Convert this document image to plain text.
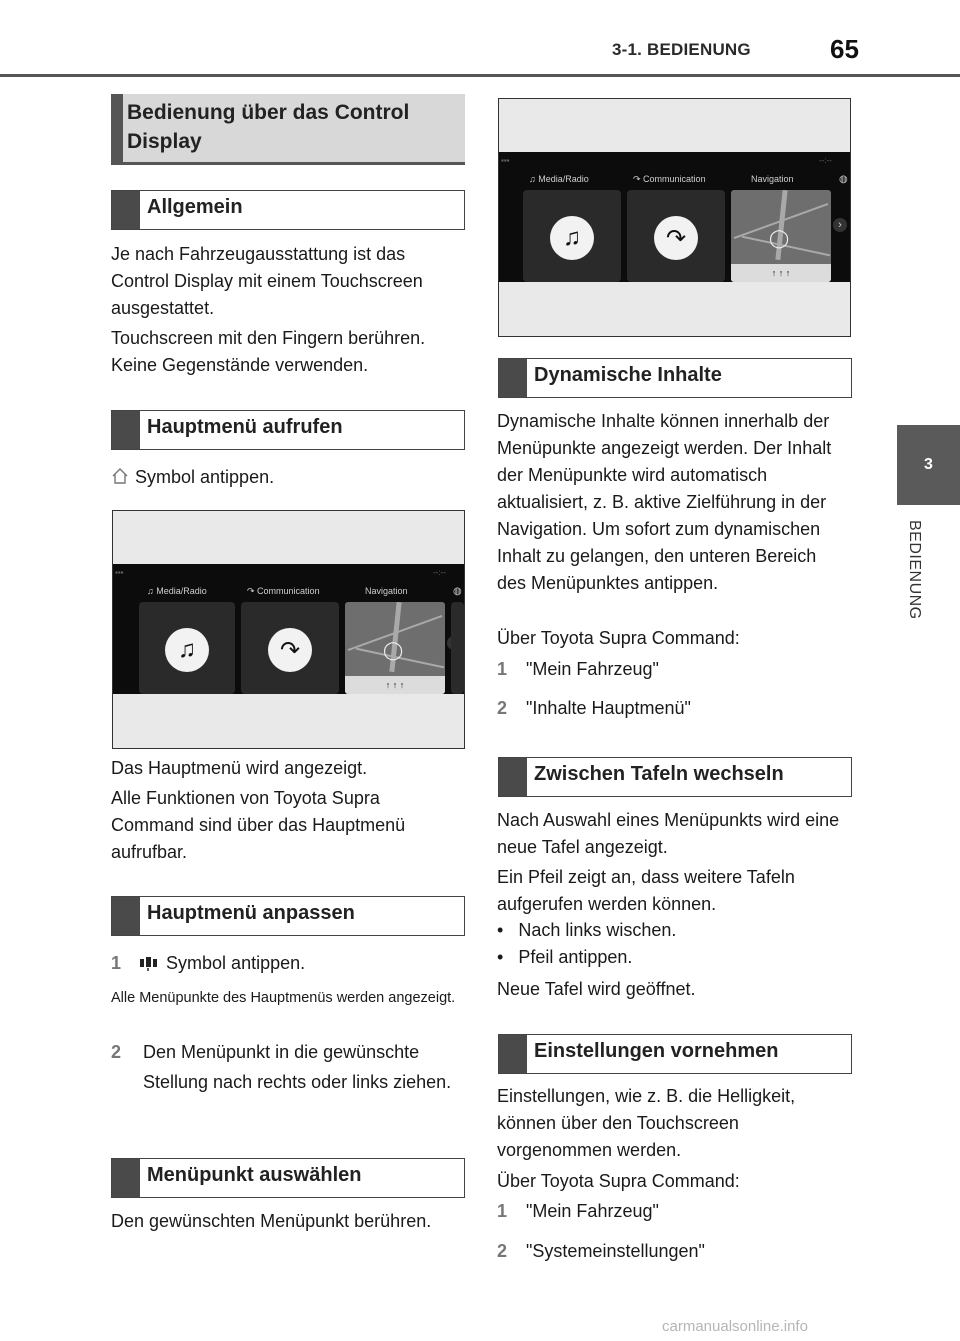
3-1. BEDIENUNG	65
3
BEDIENUNG
Bedienung über das Control Display
Allgemein
Je nach Fahrzeugausstattung ist das Control Display mit einem Touchscreen ausgestattet.
Touchscreen mit den Fingern berühren. Keine Gegenstände verwenden.
Hauptmenü aufrufen
Symbol antippen.
▪▪▪	--:--
♫ Media/Radio	↷ Communication	Navigation	◍
♫	↷	◯
↑ ↑ ↑
Das Hauptmenü wird angezeigt.
Alle Funktionen von Toyota Supra Command sind über das Hauptmenü aufrufbar.
Hauptmenü anpassen
1	Symbol antippen.
Alle Menüpunkte des Hauptmenüs werden angezeigt.
2 Den Menüpunkt in die gewünschte Stellung nach rechts oder links ziehen.
Menüpunkt auswählen
Den gewünschten Menüpunkt berühren.
▪▪▪	--:--
♫ Media/Radio	↷ Communication	Navigation	◍
♫	↷	◯
↑ ↑ ↑
›
Dynamische Inhalte
Dynamische Inhalte können innerhalb der Menüpunkte angezeigt werden. Der Inhalt der Menüpunkte wird automatisch aktualisiert, z. B. aktive Zielführung in der Navigation. Um sofort zum dynamischen Inhalt zu gelangen, den unteren Bereich des Menüpunktes antippen.
Über Toyota Supra Command:
1 "Mein Fahrzeug"
2 "Inhalte Hauptmenü"
Zwischen Tafeln wechseln
Nach Auswahl eines Menüpunkts wird eine neue Tafel angezeigt.
Ein Pfeil zeigt an, dass weitere Tafeln aufgerufen werden können.
• Nach links wischen.
• Pfeil antippen.
Neue Tafel wird geöffnet.
Einstellungen vornehmen
Einstellungen, wie z. B. die Helligkeit, können über den Touchscreen vorgenommen werden.
Über Toyota Supra Command:
1 "Mein Fahrzeug"
2 "Systemeinstellungen"
carmanualsonline.info
